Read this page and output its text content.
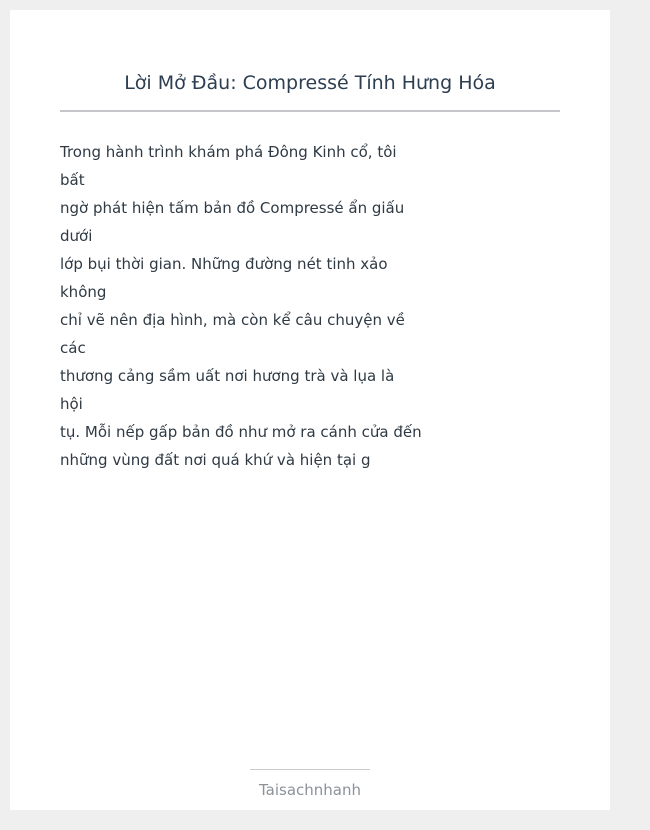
Lời Mở Đầu: Compressé Tính Hưng Hóa
Trong hành trình khám phá Đông Kinh cổ, tôi
bất
ngờ phát hiện tấm bản đồ Compressé ẩn giấu
dưới
lớp bụi thời gian. Những đường nét tinh xảo
không
chỉ vẽ nên địa hình, mà còn kể câu chuyện về
các
thương cảng sầm uất nơi hương trà và lụa là
hội
tụ. Mỗi nếp gấp bản đồ như mở ra cánh cửa đến
những vùng đất nơi quá khứ và hiện tại g
Taisachnhanh
